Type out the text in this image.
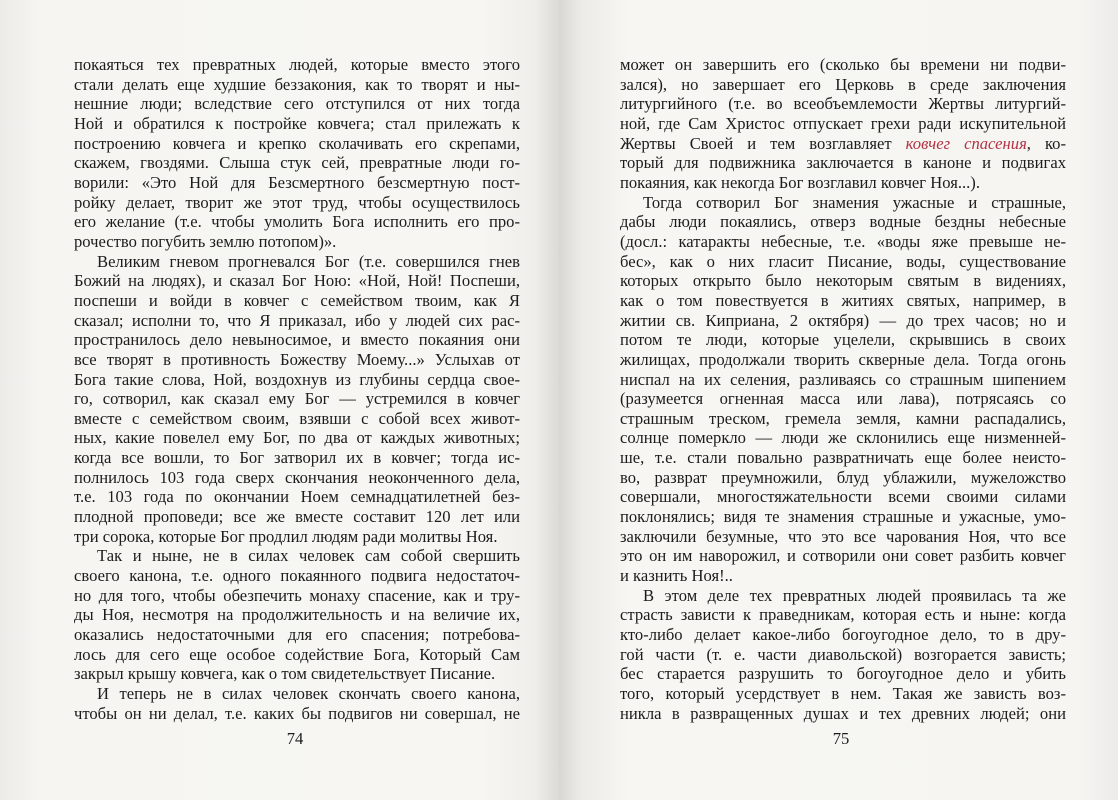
покаяться тех превратных людей, которые вместо этого
стали делать еще худшие беззакония, как то творят и ны-
нешние люди; вследствие сего отступился от них тогда
Ной и обратился к постройке ковчега; стал прилежать к
построению ковчега и крепко сколачивать его скрепами,
скажем, гвоздями. Слыша стук сей, превратные люди го-
ворили: «Это Ной для Безсмертного безсмертную пост-
ройку делает, творит же этот труд, чтобы осуществилось
его желание (т.е. чтобы умолить Бога исполнить его про-
рочество погубить землю потопом)».
Великим гневом прогневался Бог (т.е. совершился гнев
Божий на людях), и сказал Бог Ною: «Ной, Ной! Поспеши,
поспеши и войди в ковчег с семейством твоим, как Я
сказал; исполни то, что Я приказал, ибо у людей сих рас-
пространилось дело невыносимое, и вместо покаяния они
все творят в противность Божеству Моему...» Услыхав от
Бога такие слова, Ной, воздохнув из глубины сердца свое-
го, сотворил, как сказал ему Бог — устремился в ковчег
вместе с семейством своим, взявши с собой всех живот-
ных, какие повелел ему Бог, по два от каждых животных;
когда все вошли, то Бог затворил их в ковчег; тогда ис-
полнилось 103 года сверх скончания неоконченного дела,
т.е. 103 года по окончании Ноем семнадцатилетней без-
плодной проповеди; все же вместе составит 120 лет или
три сорока, которые Бог продлил людям ради молитвы Ноя.
Так и ныне, не в силах человек сам собой свершить
своего канона, т.е. одного покаянного подвига недостаточ-
но для того, чтобы обезпечить монаху спасение, как и тру-
ды Ноя, несмотря на продолжительность и на величие их,
оказались недостаточными для его спасения; потребова-
лось для сего еще особое содействие Бога, Который Сам
закрыл крышу ковчега, как о том свидетельствует Писание.
И теперь не в силах человек скончать своего канона,
чтобы он ни делал, т.е. каких бы подвигов ни совершал, не
74
может он завершить его (сколько бы времени ни подви-
зался), но завершает его Церковь в среде заключения
литургийного (т.е. во всеобъемлемости Жертвы литургий-
ной, где Сам Христос отпускает грехи ради искупительной
Жертвы Своей и тем возглавляет ковчег спасения, ко-
торый для подвижника заключается в каноне и подвигах
покаяния, как некогда Бог возглавил ковчег Ноя...).
Тогда сотворил Бог знамения ужасные и страшные,
дабы люди покаялись, отверз водные бездны небесные
(досл.: катаракты небесные, т.е. «воды яже превыше не-
бес», как о них гласит Писание, воды, существование
которых открыто было некоторым святым в видениях,
как о том повествуется в житиях святых, например, в
житии св. Киприана, 2 октября) — до трех часов; но и
потом те люди, которые уцелели, скрывшись в своих
жилищах, продолжали творить скверные дела. Тогда огонь
ниспал на их селения, разливаясь со страшным шипением
(разумеется огненная масса или лава), потрясаясь со
страшным треском, гремела земля, камни распадались,
солнце померкло — люди же склонились еще низменней-
ше, т.е. стали повально развратничать еще более неисто-
во, разврат преумножили, блуд ублажили, мужеложство
совершали, многостяжательности всеми своими силами
поклонялись; видя те знамения страшные и ужасные, умо-
заключили безумные, что это все чарования Ноя, что все
это он им наворожил, и сотворили они совет разбить ковчег
и казнить Ноя!..
В этом деле тех превратных людей проявилась та же
страсть зависти к праведникам, которая есть и ныне: когда
кто-либо делает какое-либо богоугодное дело, то в дру-
гой части (т. е. части диавольской) возгорается зависть;
бес старается разрушить то богоугодное дело и убить
того, который усердствует в нем. Такая же зависть воз-
никла в развращенных душах и тех древних людей; они
75
